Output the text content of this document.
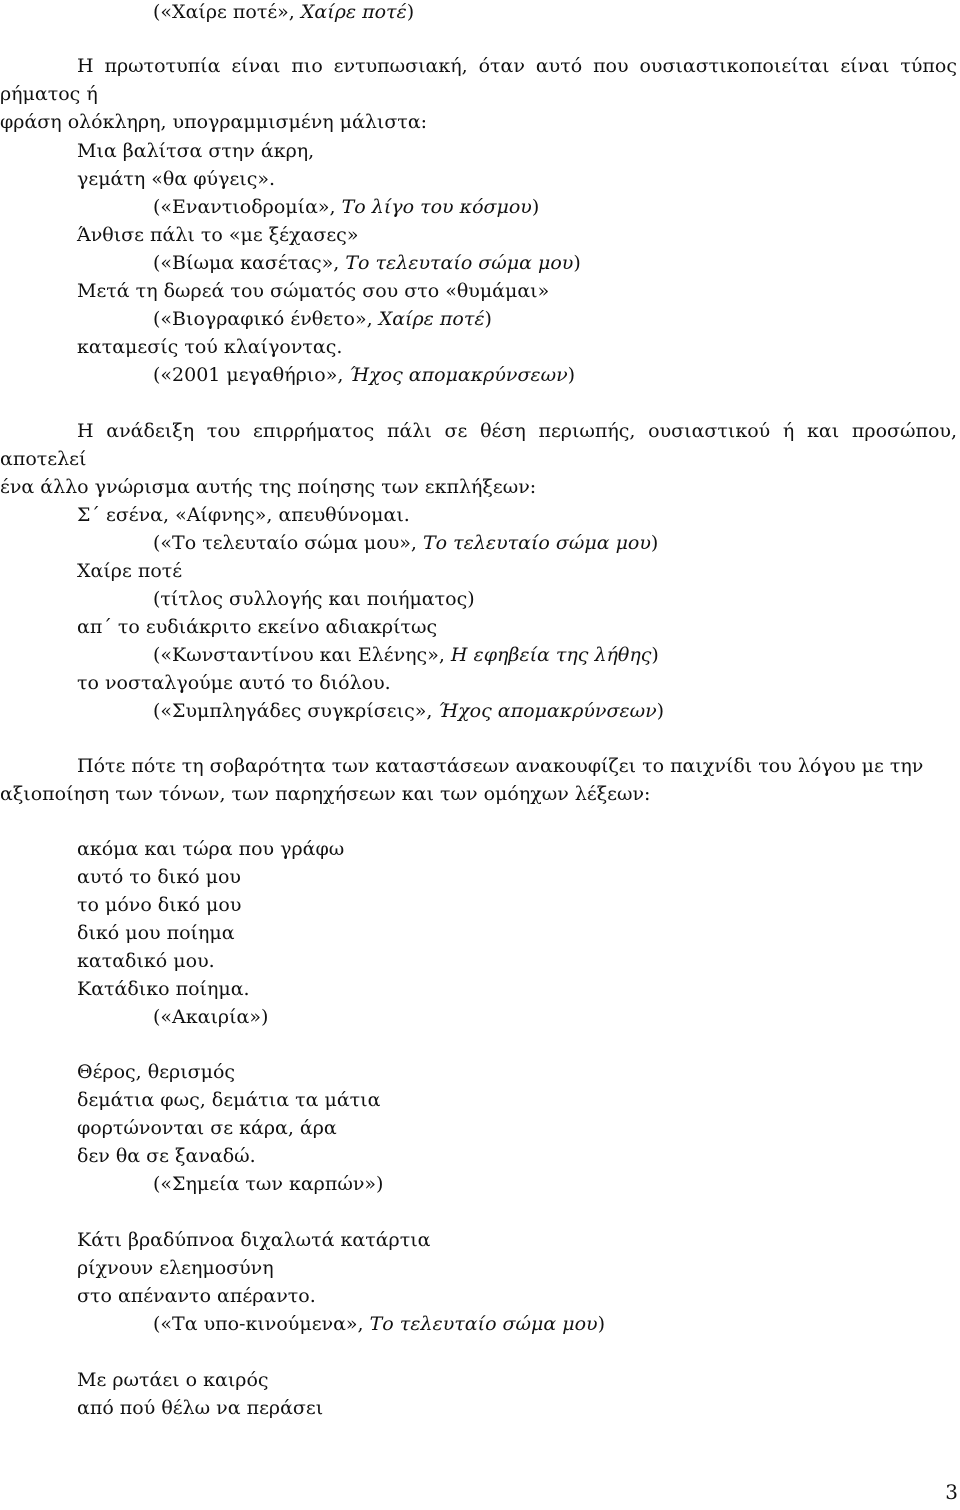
(«Χαίρε ποτέ», Χαίρε ποτέ)
Η πρωτοτυπία είναι πιο εντυπωσιακή, όταν αυτό που ουσιαστικοποιείται είναι τύπος ρήματος ή
φράση ολόκληρη, υπογραμμισμένη μάλιστα:
Μια βαλίτσα στην άκρη,
γεμάτη «θα φύγεις».
(«Εναντιοδρομία», Το λίγο του κόσμου)
Άνθισε πάλι το «με ξέχασες»
(«Βίωμα κασέτας», Το τελευταίο σώμα μου)
Μετά τη δωρεά του σώματός σου στο «θυμάμαι»
(«Βιογραφικό ένθετο», Χαίρε ποτέ)
καταμεσίς τού κλαίγοντας.
(«2001 μεγαθήριο», Ήχος απομακρύνσεων)
Η ανάδειξη του επιρρήματος πάλι σε θέση περιωπής, ουσιαστικού ή και προσώπου, αποτελεί
ένα άλλο γνώρισμα αυτής της ποίησης των εκπλήξεων:
Σ΄ εσένα, «Αίφνης», απευθύνομαι.
(«Το τελευταίο σώμα μου», Το τελευταίο σώμα μου)
Χαίρε ποτέ
(τίτλος συλλογής και ποιήματος)
απ΄ το ευδιάκριτο εκείνο αδιακρίτως
(«Κωνσταντίνου και Ελένης», Η εφηβεία της λήθης)
το νοσταλγούμε αυτό το διόλου.
(«Συμπληγάδες συγκρίσεις», Ήχος απομακρύνσεων)
Πότε πότε τη σοβαρότητα των καταστάσεων ανακουφίζει το παιχνίδι του λόγου με την
αξιοποίηση των τόνων, των παρηχήσεων και των ομόηχων λέξεων:
ακόμα και τώρα που γράφω
αυτό το δικό μου
το μόνο δικό μου
δικό μου ποίημα
καταδικό μου.
Κατάδικο ποίημα.
(«Ακαιρία»)
Θέρος, θερισμός
δεμάτια φως, δεμάτια τα μάτια
φορτώνονται σε κάρα, άρα
δεν θα σε ξαναδώ.
(«Σημεία των καρπών»)
Κάτι βραδύπνοα διχαλωτά κατάρτια
ρίχνουν ελεημοσύνη
στο απέναντο απέραντο.
(«Τα υπο-κινούμενα», Το τελευταίο σώμα μου)
Με ρωτάει ο καιρός
από πού θέλω να περάσει
3
